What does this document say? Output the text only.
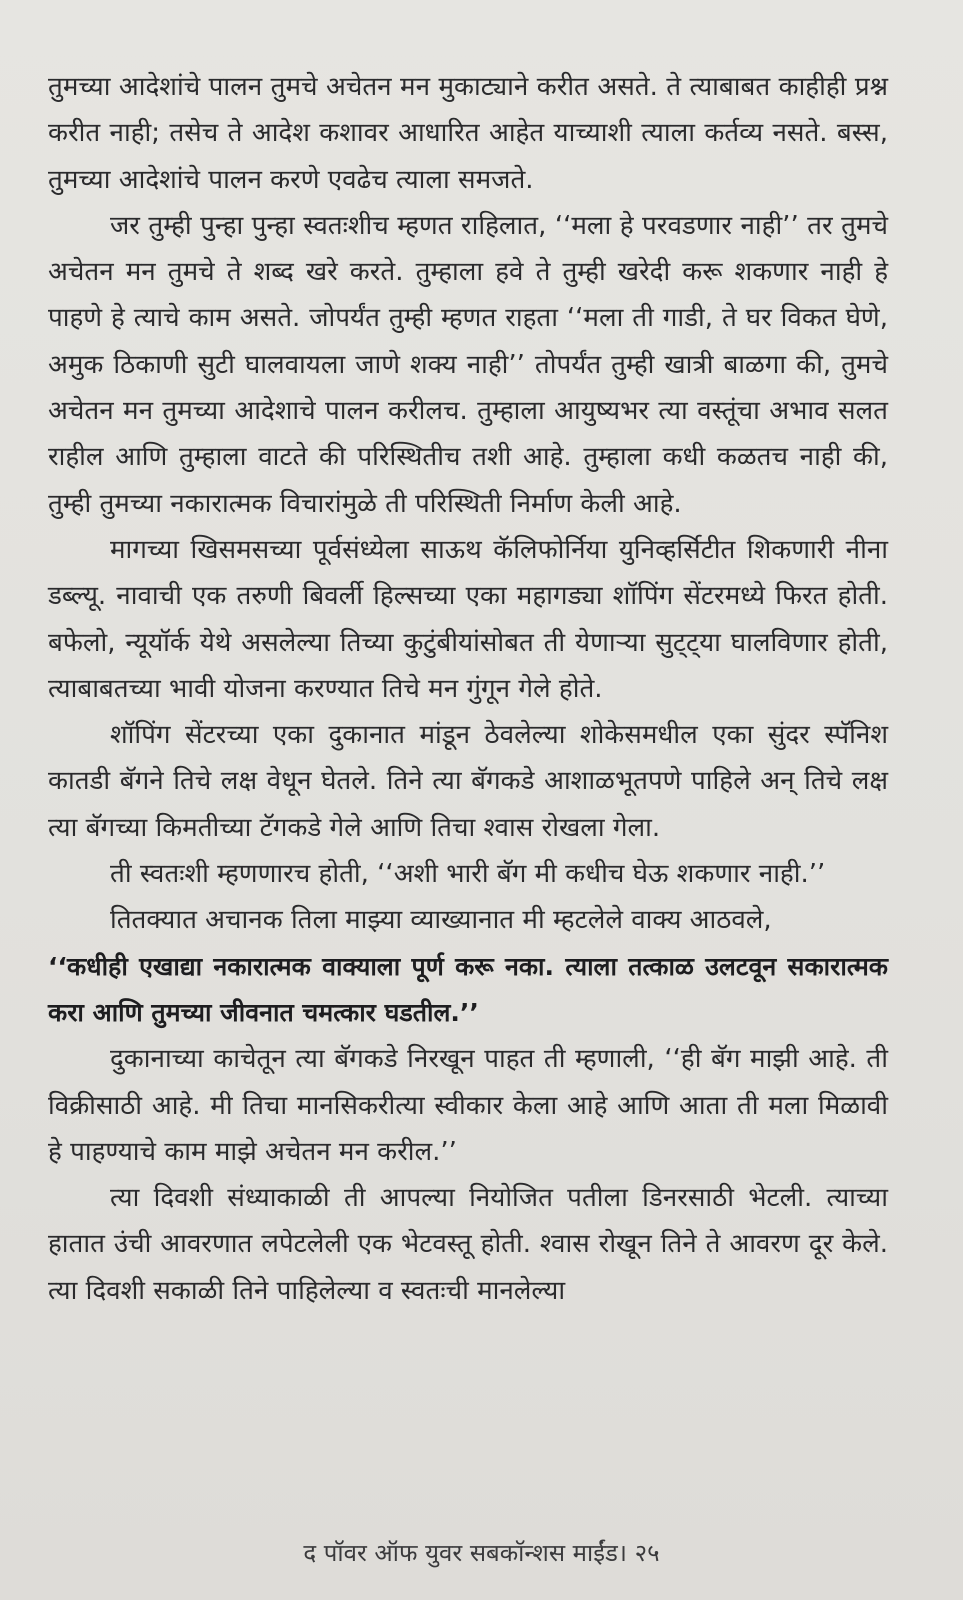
तुमच्या आदेशांचे पालन तुमचे अचेतन मन मुकाट्याने करीत असते. ते त्याबाबत काहीही प्रश्न करीत नाही; तसेच ते आदेश कशावर आधारित आहेत याच्याशी त्याला कर्तव्य नसते. बस्स, तुमच्या आदेशांचे पालन करणे एवढेच त्याला समजते.

जर तुम्ही पुन्हा पुन्हा स्वतःशीच म्हणत राहिलात, ‘‘मला हे परवडणार नाही’’ तर तुमचे अचेतन मन तुमचे ते शब्द खरे करते. तुम्हाला हवे ते तुम्ही खरेदी करू शकणार नाही हे पाहणे हे त्याचे काम असते. जोपर्यंत तुम्ही म्हणत राहता ‘‘मला ती गाडी, ते घर विकत घेणे, अमुक ठिकाणी सुटी घालवायला जाणे शक्य नाही’’ तोपर्यंत तुम्ही खात्री बाळगा की, तुमचे अचेतन मन तुमच्या आदेशाचे पालन करीलच. तुम्हाला आयुष्यभर त्या वस्तूंचा अभाव सलत राहील आणि तुम्हाला वाटते की परिस्थितीच तशी आहे. तुम्हाला कधी कळतच नाही की, तुम्ही तुमच्या नकारात्मक विचारांमुळे ती परिस्थिती निर्माण केली आहे.

मागच्या खिसमसच्या पूर्वसंध्येला साऊथ कॅलिफोर्निया युनिव्हर्सिटीत शिकणारी नीना डब्ल्यू. नावाची एक तरुणी बिवर्ली हिल्सच्या एका महागड्या शॉपिंग सेंटरमध्ये फिरत होती. बफेलो, न्यूयॉर्क येथे असलेल्या तिच्या कुटुंबीयांसोबत ती येणाऱ्या सुट्ट्या घालविणार होती, त्याबाबतच्या भावी योजना करण्यात तिचे मन गुंगून गेले होते.

शॉपिंग सेंटरच्या एका दुकानात मांडून ठेवलेल्या शोकेसमधील एका सुंदर स्पॅनिश कातडी बॅगने तिचे लक्ष वेधून घेतले. तिने त्या बॅगकडे आशाळभूतपणे पाहिले अन् तिचे लक्ष त्या बॅगच्या किमतीच्या टॅगकडे गेले आणि तिचा श्वास रोखला गेला.

ती स्वतःशी म्हणणारच होती, ‘‘अशी भारी बॅग मी कधीच घेऊ शकणार नाही.’’

तितक्यात अचानक तिला माझ्या व्याख्यानात मी म्हटलेले वाक्य आठवले,

‘‘कधीही एखाद्या नकारात्मक वाक्याला पूर्ण करू नका. त्याला तत्काळ उलटवून सकारात्मक करा आणि तुमच्या जीवनात चमत्कार घडतील.’’

दुकानाच्या काचेतून त्या बॅगकडे निरखून पाहत ती म्हणाली, ‘‘ही बॅग माझी आहे. ती विक्रीसाठी आहे. मी तिचा मानसिकरीत्या स्वीकार केला आहे आणि आता ती मला मिळावी हे पाहण्याचे काम माझे अचेतन मन करील.’’

त्या दिवशी संध्याकाळी ती आपल्या नियोजित पतीला डिनरसाठी भेटली. त्याच्या हातात उंची आवरणात लपेटलेली एक भेटवस्तू होती. श्वास रोखून तिने ते आवरण दूर केले. त्या दिवशी सकाळी तिने पाहिलेल्या व स्वतःची मानलेल्या

द पॉवर ऑफ युवर सबकॉन्शस माईंड। २५
